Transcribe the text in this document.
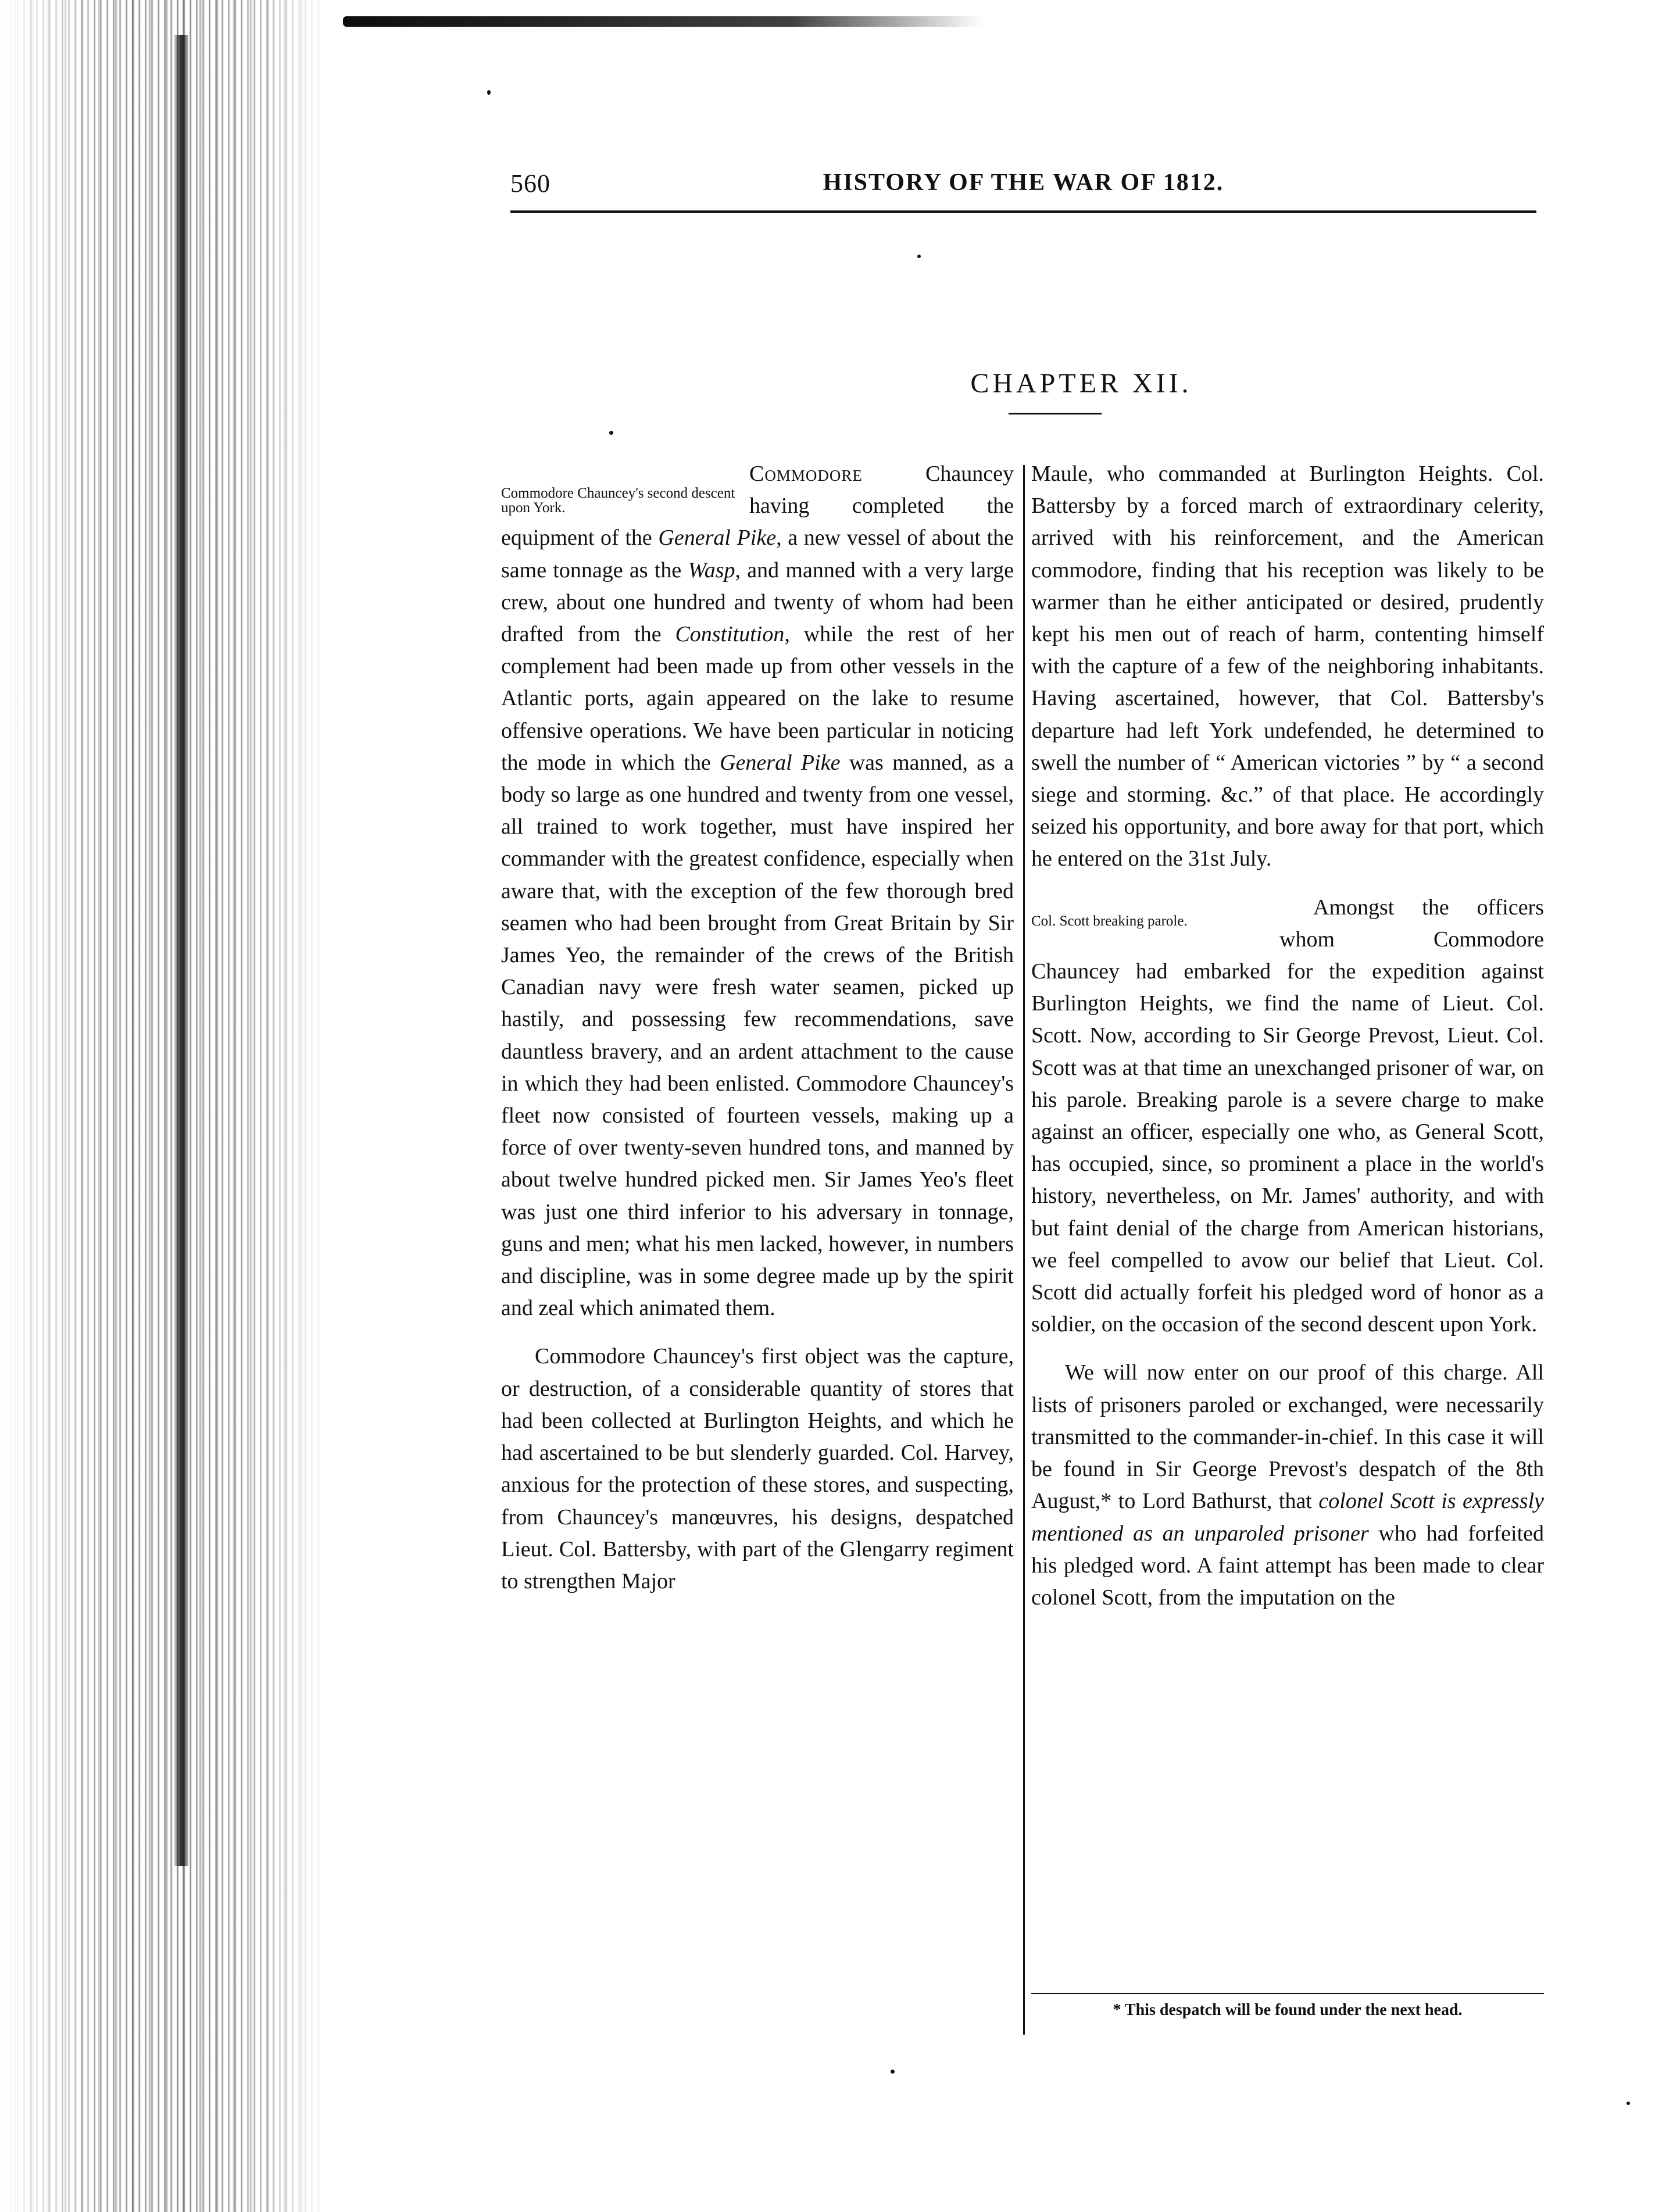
560	HISTORY OF THE WAR OF 1812.
CHAPTER XII.

Commodore Chauncey's second descent upon York.
Commodore Chauncey having completed the equipment of the General Pike, a new vessel of about the same tonnage as the Wasp, and manned with a very large crew, about one hundred and twenty of whom had been drafted from the Constitution, while the rest of her complement had been made up from other vessels in the Atlantic ports, again appeared on the lake to resume offensive operations. We have been particular in noticing the mode in which the General Pike was manned, as a body so large as one hundred and twenty from one vessel, all trained to work together, must have inspired her commander with the greatest confidence, especially when aware that, with the exception of the few thorough bred seamen who had been brought from Great Britain by Sir James Yeo, the remainder of the crews of the British Canadian navy were fresh water seamen, picked up hastily, and possessing few recommendations, save dauntless bravery, and an ardent attachment to the cause in which they had been enlisted. Commodore Chauncey's fleet now consisted of fourteen vessels, making up a force of over twenty-seven hundred tons, and manned by about twelve hundred picked men. Sir James Yeo's fleet was just one third inferior to his adversary in tonnage, guns and men; what his men lacked, however, in numbers and discipline, was in some degree made up by the spirit and zeal which animated them.

Commodore Chauncey's first object was the capture, or destruction, of a considerable quantity of stores that had been collected at Burlington Heights, and which he had ascertained to be but slenderly guarded. Col. Harvey, anxious for the protection of these stores, and suspecting, from Chauncey's manœuvres, his designs, despatched Lieut. Col. Battersby, with part of the Glengarry regiment to strengthen Major

Maule, who commanded at Burlington Heights. Col. Battersby by a forced march of extraordinary celerity, arrived with his reinforcement, and the American commodore, finding that his reception was likely to be warmer than he either anticipated or desired, prudently kept his men out of reach of harm, contenting himself with the capture of a few of the neighboring inhabitants. Having ascertained, however, that Col. Battersby's departure had left York undefended, he determined to swell the number of “ American victories ” by “ a second siege and storming. &c.” of that place. He accordingly seized his opportunity, and bore away for that port, which he entered on the 31st July.

Col. Scott breaking parole.
Amongst the officers whom Commodore Chauncey had embarked for the expedition against Burlington Heights, we find the name of Lieut. Col. Scott. Now, according to Sir George Prevost, Lieut. Col. Scott was at that time an unexchanged prisoner of war, on his parole. Breaking parole is a severe charge to make against an officer, especially one who, as General Scott, has occupied, since, so prominent a place in the world's history, nevertheless, on Mr. James' authority, and with but faint denial of the charge from American historians, we feel compelled to avow our belief that Lieut. Col. Scott did actually forfeit his pledged word of honor as a soldier, on the occasion of the second descent upon York.

We will now enter on our proof of this charge. All lists of prisoners paroled or exchanged, were necessarily transmitted to the commander-in-chief. In this case it will be found in Sir George Prevost's despatch of the 8th August,* to Lord Bathurst, that colonel Scott is expressly mentioned as an unparoled prisoner who had forfeited his pledged word. A faint attempt has been made to clear colonel Scott, from the imputation on the

* This despatch will be found under the next head.
